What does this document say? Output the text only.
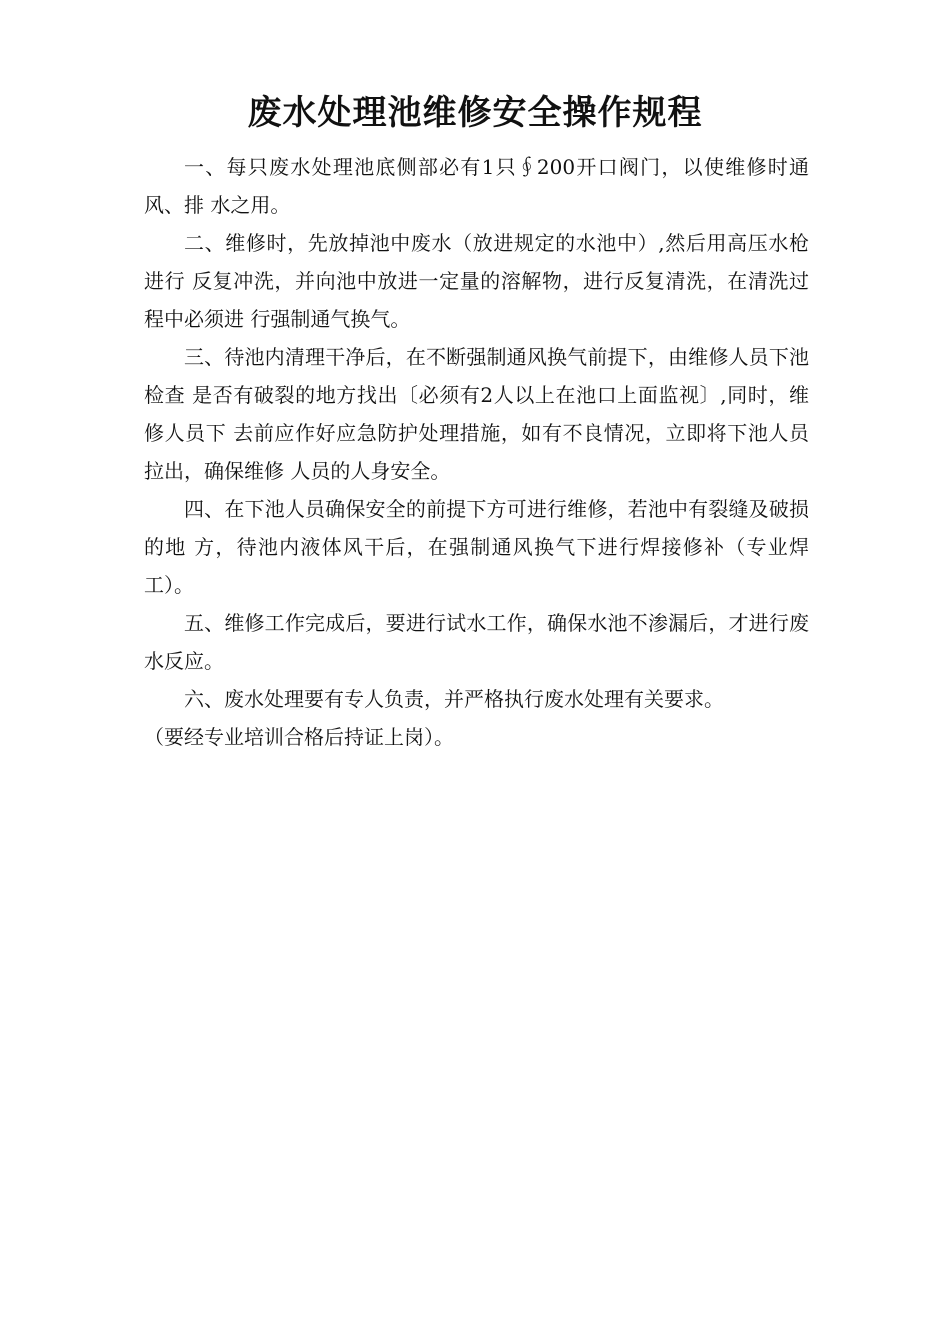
废水处理池维修安全操作规程

一、每只废水处理池底侧部必有1只∮200开口阀门，以使维修时通风、排 水之用。

二、维修时，先放掉池中废水（放进规定的水池中）,然后用高压水枪进行 反复冲洗，并向池中放进一定量的溶解物，进行反复清洗，在清洗过程中必须进 行强制通气换气。

三、待池内清理干净后，在不断强制通风换气前提下，由维修人员下池检查 是否有破裂的地方找出〔必须有2人以上在池口上面监视〕,同时，维修人员下 去前应作好应急防护处理措施，如有不良情况，立即将下池人员拉出，确保维修 人员的人身安全。

四、在下池人员确保安全的前提下方可进行维修，若池中有裂缝及破损的地 方，待池内液体风干后，在强制通风换气下进行焊接修补（专业焊工）。

五、维修工作完成后，要进行试水工作，确保水池不渗漏后，才进行废水反应。

六、废水处理要有专人负责，并严格执行废水处理有关要求。

（要经专业培训合格后持证上岗）。
